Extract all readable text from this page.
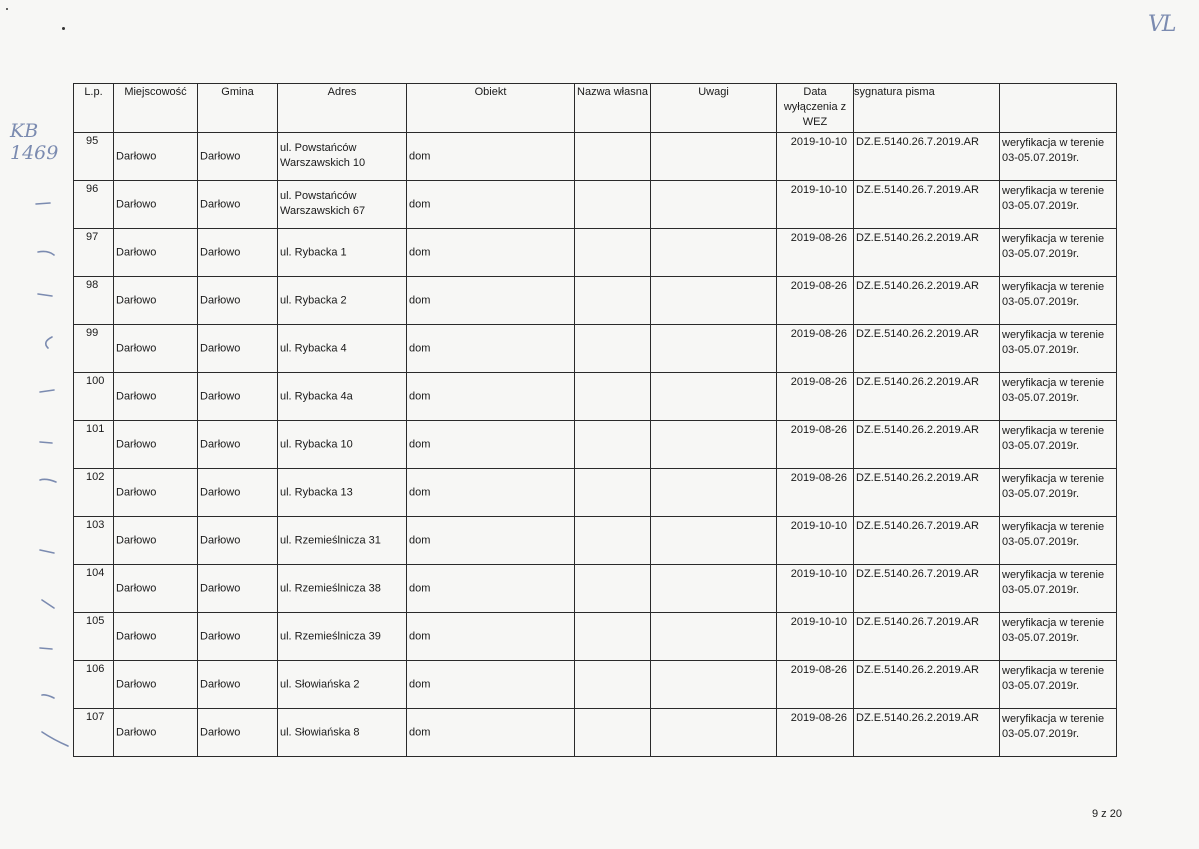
VL
KB
1469
L.p.	Miejscowość	Gmina	Adres	Obiekt	Nazwa własna	Uwagi	Data wyłączenia z WEZ	sygnatura pisma	

95	Darłowo	Darłowo	ul. Powstańców Warszawskich 10	dom			2019-10-10	DZ.E.5140.26.7.2019.AR	weryfikacja w terenie 03-05.07.2019r.

96	Darłowo	Darłowo	ul. Powstańców Warszawskich 67	dom			2019-10-10	DZ.E.5140.26.7.2019.AR	weryfikacja w terenie 03-05.07.2019r.

97	Darłowo	Darłowo	ul. Rybacka 1	dom			2019-08-26	DZ.E.5140.26.2.2019.AR	weryfikacja w terenie 03-05.07.2019r.

98	Darłowo	Darłowo	ul. Rybacka 2	dom			2019-08-26	DZ.E.5140.26.2.2019.AR	weryfikacja w terenie 03-05.07.2019r.

99	Darłowo	Darłowo	ul. Rybacka 4	dom			2019-08-26	DZ.E.5140.26.2.2019.AR	weryfikacja w terenie 03-05.07.2019r.

100	Darłowo	Darłowo	ul. Rybacka 4a	dom			2019-08-26	DZ.E.5140.26.2.2019.AR	weryfikacja w terenie 03-05.07.2019r.

101	Darłowo	Darłowo	ul. Rybacka 10	dom			2019-08-26	DZ.E.5140.26.2.2019.AR	weryfikacja w terenie 03-05.07.2019r.

102	Darłowo	Darłowo	ul. Rybacka 13	dom			2019-08-26	DZ.E.5140.26.2.2019.AR	weryfikacja w terenie 03-05.07.2019r.

103	Darłowo	Darłowo	ul. Rzemieślnicza 31	dom			2019-10-10	DZ.E.5140.26.7.2019.AR	weryfikacja w terenie 03-05.07.2019r.

104	Darłowo	Darłowo	ul. Rzemieślnicza 38	dom			2019-10-10	DZ.E.5140.26.7.2019.AR	weryfikacja w terenie 03-05.07.2019r.

105	Darłowo	Darłowo	ul. Rzemieślnicza 39	dom			2019-10-10	DZ.E.5140.26.7.2019.AR	weryfikacja w terenie 03-05.07.2019r.

106	Darłowo	Darłowo	ul. Słowiańska 2	dom			2019-08-26	DZ.E.5140.26.2.2019.AR	weryfikacja w terenie 03-05.07.2019r.

107	Darłowo	Darłowo	ul. Słowiańska 8	dom			2019-08-26	DZ.E.5140.26.2.2019.AR	weryfikacja w terenie 03-05.07.2019r.
9 z 20
